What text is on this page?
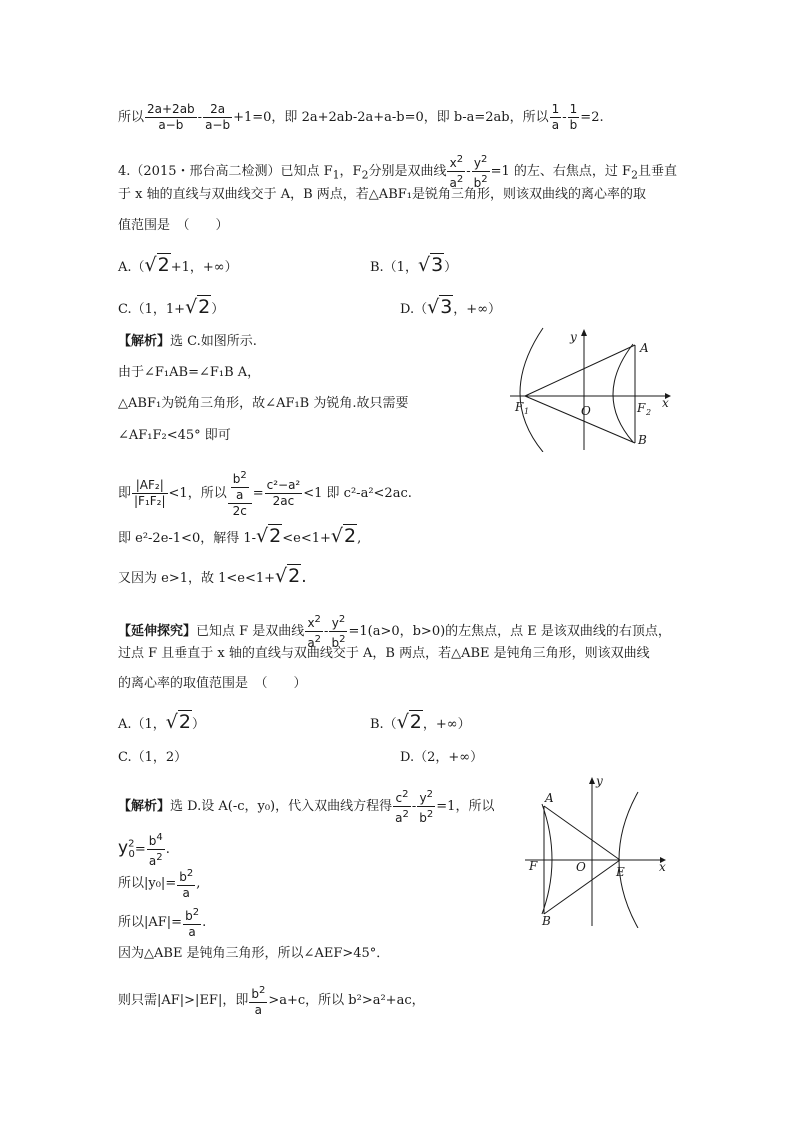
所以 $\frac{2a+2ab}{a-b} - \frac{2a}{a-b} +1=0$，即 2a+2ab-2a+a-b=0，即 b-a=2ab，所以 $\frac{1}{a} - \frac{1}{b} =2$.
4.（2015・邢台高二检测）已知点 $F_1$，$F_2$分别是双曲线 $\frac{x^2}{a^2} - \frac{y^2}{b^2} =1$ 的左、右焦点，过 $F_2$且垂直
于 x 轴的直线与双曲线交于 A，B 两点，若△ABF₁是锐角三角形，则该双曲线的离心率的取
值范围是　（　　）
A.（√2+1，+∞）	B.（1，√3）
C.（1，1+√2）	D.（√3，+∞）
【解析】选 C.如图所示.
由于∠F₁AB=∠F₁B A，
△ABF₁为锐角三角形，故∠AF₁B 为锐角.故只需要
∠AF₁F₂<45° 即可
即 $\frac{\text{|AF₂|}}{\text{|F₁F₂|}} <1$，所以 $\frac{\frac{b^2}{a}}{2c} = \frac{\text{c²−a²}}{2ac} <1$ 即 c²-a²<2ac.
即 e²-2e-1<0，解得 1-√2<e<1+√2,
又因为 e>1，故 1<e<1+√2.
y
A
F 1	O	F 2
x
B
【延伸探究】已知点 F 是双曲线 $\frac{x^2}{a^2} - \frac{y^2}{b^2} =1(a>0$，b>0)的左焦点，点 E 是该双曲线的右顶点，
过点 F 且垂直于 x 轴的直线与双曲线交于 A，B 两点，若△ABE 是钝角三角形，则该双曲线
的离心率的取值范围是　（　　）
A.（1，√2）	B.（√2，+∞）
C.（1，2）	D.（2，+∞）
【解析】选 D.设 A(-c，y₀)，代入双曲线方程得 $\frac{c^2}{a^2} - \frac{y^2}{b^2} =1$，所以
$y^2_0= \frac{b^4}{a^2}$ .
所以$|y_0|= \frac{b^2}{a}$ ,
所以$|AF|= \frac{b^2}{a}$ .
因为△ABE 是钝角三角形，所以∠AEF>45°．
则只需|AF|>|EF|，即 $\frac{b^2}{a} >a+c$，所以 b²>a²+ac，
y
A
F	O	E	x
B
